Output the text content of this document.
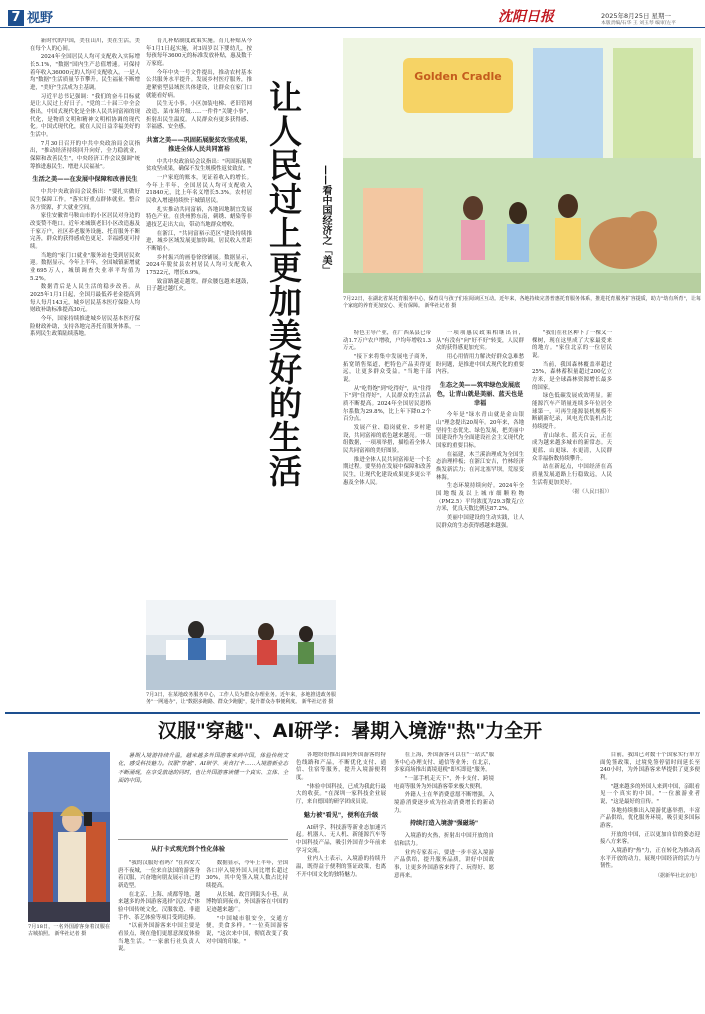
7 视野	沈阳日报	2025年8月25日 星期一
本版责编/石华 王 刘玉琴 编审/左平

新时代的中国，美在山川，美在生活，美在每个人的心间。

2024年全国居民人均可支配收入实际增长5.1%，"数据"国内生产总值增速。可保持着年收入36000元的人均可支配收入。一是人均"数据"生活质量节节攀升。民生福祉不断增进，"美好"生活成为主基调。

习近平总书记强调："我们的奋斗目标就是让人民过上好日子。"党的二十届三中全会指出，中国式现代化是全体人民共同富裕的现代化，是物质文明和精神文明相协调的现代化。中国式现代化，就在人民日益幸福美好的生活中。

7月30日召开的中共中央政治局会议指出，"推动经济持续回升向好，全力稳就业，保障和改善民生"，中央经济工作会议强调"统筹推进惠民生、增进人民福祉"。

生活之美——在发展中保障和改善民生

中共中央政治局会议指出："要扎实做好民生保障工作。"落实好重点群体就业。整合各方资源，扩大就业空间。

家住安徽省马鞍山市的小区居民对身边的改变赞不绝口。近年来城镇老旧小区改造惠及千家万户，社区养老服务设施、托育服务不断完善，群众的获得感成色更足、幸福感更可持续。

当地的"家门口就业"服务站也受到居民欢迎。数据显示，今年上半年，全国城镇新增就业695万人，城镇调查失业率平均值为5.2%。

数据背后是人民生活的稳步改善。从2025年1月1日起，全国月最低养老金提高到每人每月143元，城乡居民基本医疗保险人均财政补助标准提高30元。

今年，国家持续推进城乡居民基本医疗保险财政补助，支持各地完善托育服务体系，一系列民生政策陆续落地。

育儿补贴制度政策实施。育儿补贴从今年1月1日起实施，对3周岁以下婴幼儿，按每孩每年3600元的标准发放补贴，惠及数千万家庭。

今年中央一号文件提出，推动农村基本公共服务水平提升。发展乡村医疗服务，推进紧密型县域医共体建设，让群众在家门口就能看好病。

民生无小事。小区加装电梯、老旧管网改造、菜市场升级……一件件"关键小事"，折射出民生温度。人民群众有更多获得感、幸福感、安全感。

共富之美——巩固拓展脱贫攻坚成果，推进全体人民共同富裕

中共中央政治局会议指出："巩固拓展脱贫攻坚成果，确保不发生规模性返贫致贫。"

一户家庭的账本，见证着收入的增长。今年上半年，全国居民人均可支配收入21840元，比上年名义增长5.3%。农村居民收入增速持续快于城镇居民。

扎实推动共同富裕，各地因地制宜发展特色产业。在贵州黔东南，刺绣、蜡染等非遗技艺走出大山，带动当地群众增收。

在浙江，"共同富裕示范区"建设持续推进，城乡区域发展更加协调，居民收入差距不断缩小。

乡村振兴的画卷徐徐铺展。数据显示，2024年脱贫县农村居民人均可支配收入17522元，增长6.9%。

致富路越走越宽，群众腰包越来越鼓，日子越过越红火。	让人民过上更加美好的生活	——看中国经济之「美」
Golden Cradle
7月22日，在湖北省某托育服务中心，保育员与孩子们在阅读区互动。近年来，各地持续完善普惠托育服务体系，推进托育服务扩容提质，助力"幼有所育"，让每个家庭的养育更加安心、更有保障。 新华社记者 摄

特色主导产业，在广西某县已带动1.7万户农户增收，户均年增收1.3万元。

"接下来将集中发展电子商务，拓宽销售渠道，把特色产品卖得更远，让更多群众受益。"当地干部说。

从"吃得饱"到"吃得好"，从"住得下"到"住得好"，人民群众的生活品质不断提高。2024年全国居民恩格尔系数为29.8%，比上年下降0.2个百分点。

发展产业、稳岗就业、乡村建设，共同富裕的底色越来越亮。一组组数据，一项项举措，描绘着全体人民共同富裕的美好图景。

推进全体人民共同富裕是一个长期过程。要坚持在发展中保障和改善民生，让现代化建设成果更多更公平惠及全体人民。

一项项惠民政策相继出台，从"有没有"向"好不好"转变，人民群众的获得感更加充实。

用心用情用力解决好群众急难愁盼问题，是推进中国式现代化的重要内容。

生态之美——筑牢绿色发展底色，让青山就是美丽、蓝天也是幸福

今年是"绿水青山就是金山银山"理念提出20周年。20年来，各地坚持生态优先、绿色发展，把美丽中国建设作为全面建设社会主义现代化国家的重要目标。

在福建，木兰溪治理成为全国生态治理样板；在浙江安吉，竹林经济焕发新活力；在河北塞罕坝，荒原变林海。

生态环境持续向好。2024年全国地级及以上城市细颗粒物（PM2.5）平均浓度为29.3微克/立方米，优良天数比例达87.2%。

美丽中国建设的生动实践，让人民群众的生态获得感越来越强。

"我们在社区种下了一棵又一棵树，现在这里成了大家最爱来的地方。"家住北京的一位居民说。

当前，我国森林覆盖率超过25%，森林蓄积量超过200亿立方米，是全球森林资源增长最多的国家。

绿色低碳发展成效明显。新能源汽车产销量连续多年位居全球第一，可再生能源装机规模不断刷新纪录，风电光伏装机占比持续提升。

青山绿水、蓝天白云，正在成为越来越多城市的新常态。天更蓝、山更绿、水更清，人民群众幸福指数持续攀升。

站在新起点，中国经济在高质量发展道路上行稳致远，人民生活将更加美好。

（据《人民日报》）
7月3日，在某地政务服务中心，工作人员为群众办理业务。近年来，多地推进政务服务"一网通办"，让"数据多跑路、群众少跑腿"，提升群众办事便利度。 新华社记者 摄
汉服"穿越"、AI研学：暑期入境游"热"力全开

暑期入境游持续升温，越来越多外国游客来到中国，体验传统文化，感受科技魅力。汉服"穿越"、AI研学、美食打卡……入境游新业态不断涌现，在享受旅途的同时，也让外国游客读懂一个真实、立体、全面的中国。

7月18日，一名外国游客身着汉服在古城拍照。 新华社记者 摄
从打卡式观光到个性化体验

"我的汉服好看吗？"在西安大唐不夜城，一位来自法国的游客身着汉服，兴奋地向朋友展示自己的新造型。

在北京、上海、成都等地，越来越多的外国游客选择"沉浸式"体验中国传统文化。汉服妆造、非遗手作、茶艺体验等项目受到追捧。

"以前外国游客来中国主要是看景点，现在他们更愿意深度体验当地生活。"一家旅行社负责人说。

数据显示，今年上半年，全国各口岸入境外国人同比增长超过30%，其中免签入境人数占比持续提高。

从长城、故宫到街头小巷，从博物馆到夜市，外国游客在中国的足迹越来越广。

"中国城市很安全，交通方便，美食多样。"一位英国游客说，"这次来中国，彻底改变了我对中国的印象。"

各地纷纷推出面向外国游客的特色线路和产品，不断优化支付、通信、住宿等服务，提升入境游便利度。

"体验中国科技，已成为我此行最大的收获。"在深圳一家科技企业展厅，来自德国的研学团成员说。

魅力被"看见"，便利在升级

AI研学、科技游等新业态加速兴起。机器人、无人机、新能源汽车等中国科技产品，吸引外国青少年前来学习交流。

业内人士表示，入境游的持续升温，既得益于便利的签证政策，也离不开中国文化的独特魅力。

在上海，外国游客可以在"一站式"服务中心办理支付、通信等业务；在北京，多家商场推出离境退税"即买即退"服务。

"一部手机走天下"，外卡支付、跨境电商等服务为外国游客带来极大便利。

外籍人士在华消费意愿不断增强，入境游消费逐步成为拉动消费增长的新动力。

持续打造入境游"强磁场"

入境游的火热，折射出中国开放的自信和活力。

业内专家表示，要进一步丰富入境游产品供给，提升服务品质，讲好中国故事，让更多外国游客来得了、玩得好、愿意再来。

目前，我国已对数十个国家实行单方面免签政策，过境免签停留时间延长至240小时，为外国游客来华提供了更多便利。

"越来越多的外国人来到中国，亲眼看见一个真实的中国。"一位旅游业者说，"这是最好的宣传。"

各地持续推出入境游优惠举措，丰富产品供给，优化服务环境，吸引更多国际游客。

开放的中国，正以更加自信的姿态迎接八方来客。

入境游的"热"力，正在转化为推动高水平开放的动力，展现中国经济的活力与韧性。

（据新华社北京电）
